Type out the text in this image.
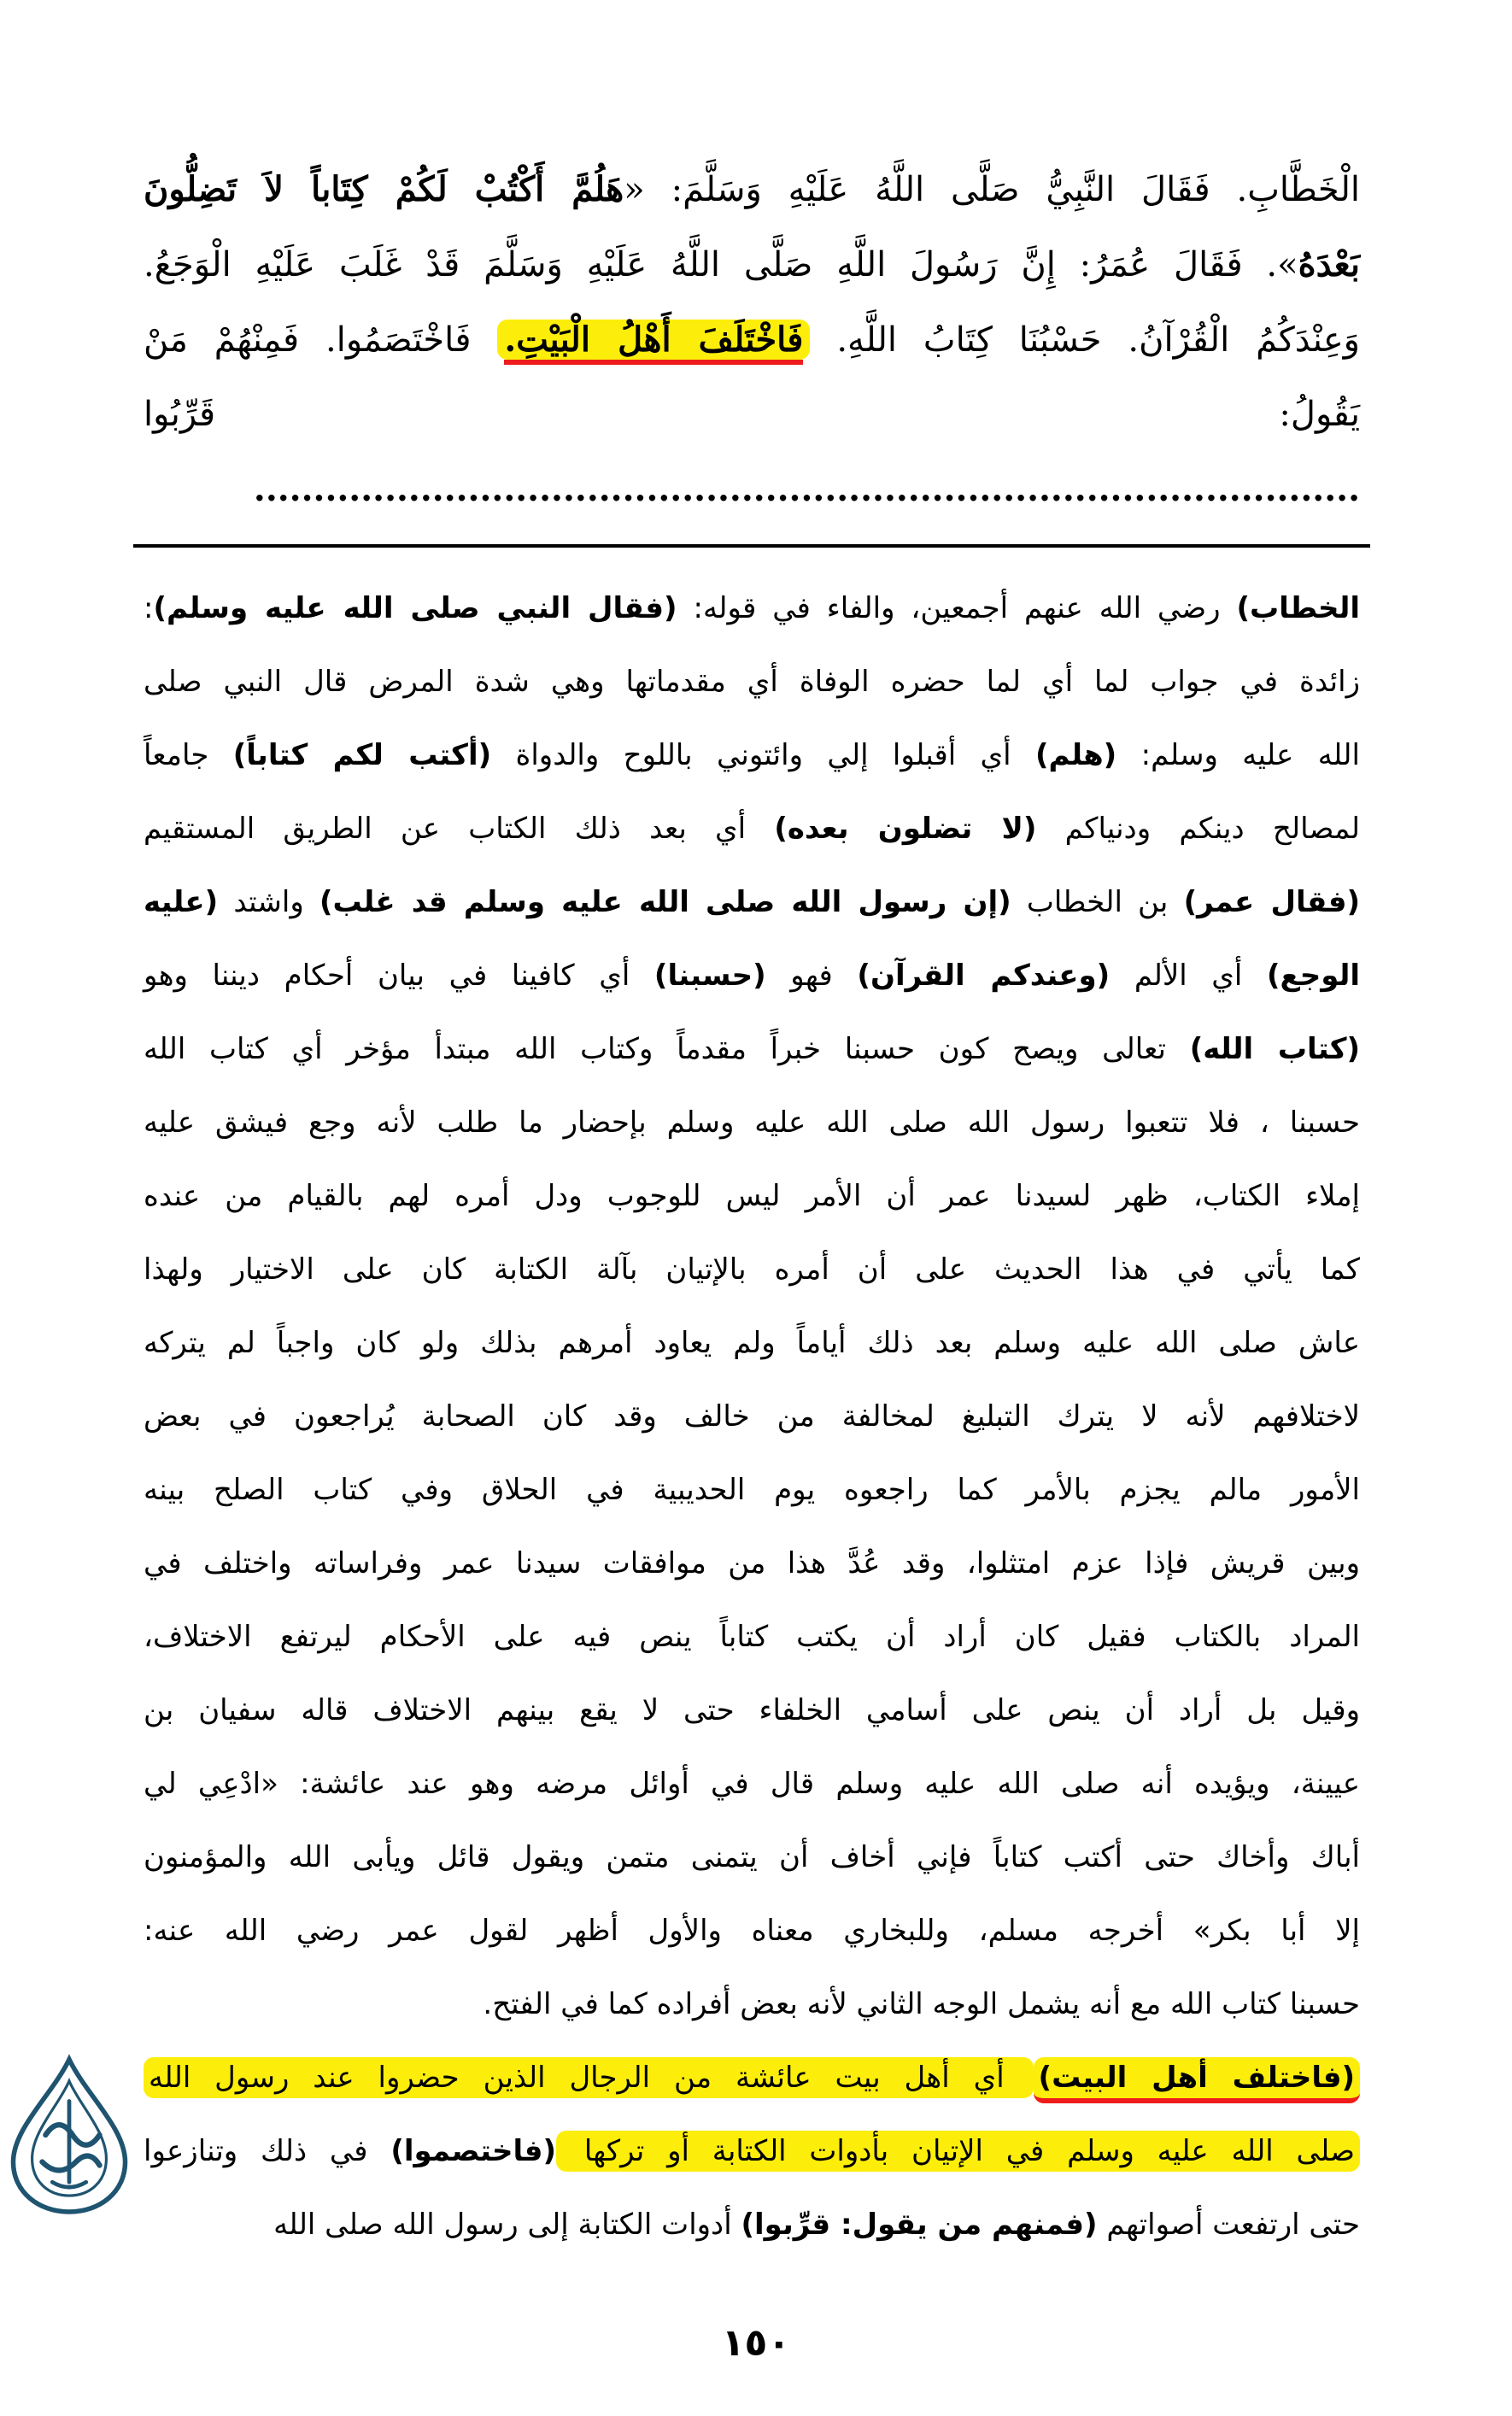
الْخَطَّابِ. فَقَالَ النَّبِيُّ صَلَّى اللَّهُ عَلَيْهِ وَسَلَّمَ: «هَلُمَّ أَكْتُبْ لَكُمْ كِتَاباً لاَ تَضِلُّونَ
بَعْدَهُ». فَقَالَ عُمَرُ: إِنَّ رَسُولَ اللَّهِ صَلَّى اللَّهُ عَلَيْهِ وَسَلَّمَ قَدْ غَلَبَ عَلَيْهِ الْوَجَعُ.
وَعِنْدَكُمُ الْقُرْآنُ. حَسْبُنَا كِتَابُ اللَّهِ. فَاخْتَلَفَ أَهْلُ الْبَيْتِ. فَاخْتَصَمُوا. فَمِنْهُمْ مَنْ
يَقُولُ: قَرِّبُوا .............................................................................................
الخطاب) رضي الله عنهم أجمعين، والفاء في قوله: (فقال النبي صلى الله عليه وسلم):
زائدة في جواب لما أي لما حضره الوفاة أي مقدماتها وهي شدة المرض قال النبي صلى
الله عليه وسلم: (هلم) أي أقبلوا إلي وائتوني باللوح والدواة (أكتب لكم كتاباً) جامعاً
لمصالح دينكم ودنياكم (لا تضلون بعده) أي بعد ذلك الكتاب عن الطريق المستقيم
(فقال عمر) بن الخطاب (إن رسول الله صلى الله عليه وسلم قد غلب) واشتد (عليه
الوجع) أي الألم (وعندكم القرآن) فهو (حسبنا) أي كافينا في بيان أحكام ديننا وهو
(كتاب الله) تعالى ويصح كون حسبنا خبراً مقدماً وكتاب الله مبتدأ مؤخر أي كتاب الله
حسبنا ، فلا تتعبوا رسول الله صلى الله عليه وسلم بإحضار ما طلب لأنه وجع فيشق عليه
إملاء الكتاب، ظهر لسيدنا عمر أن الأمر ليس للوجوب ودل أمره لهم بالقيام من عنده
كما يأتي في هذا الحديث على أن أمره بالإتيان بآلة الكتابة كان على الاختيار ولهذا
عاش صلى الله عليه وسلم بعد ذلك أياماً ولم يعاود أمرهم بذلك ولو كان واجباً لم يتركه
لاختلافهم لأنه لا يترك التبليغ لمخالفة من خالف وقد كان الصحابة يُراجعون في بعض
الأمور مالم يجزم بالأمر كما راجعوه يوم الحديبية في الحلاق وفي كتاب الصلح بينه
وبين قريش فإذا عزم امتثلوا، وقد عُدَّ هذا من موافقات سيدنا عمر وفراساته واختلف في
المراد بالكتاب فقيل كان أراد أن يكتب كتاباً ينص فيه على الأحكام ليرتفع الاختلاف،
وقيل بل أراد أن ينص على أسامي الخلفاء حتى لا يقع بينهم الاختلاف قاله سفيان بن
عيينة، ويؤيده أنه صلى الله عليه وسلم قال في أوائل مرضه وهو عند عائشة: «ادْعِي لي
أباك وأخاك حتى أكتب كتاباً فإني أخاف أن يتمنى متمن ويقول قائل ويأبى الله والمؤمنون
إلا أبا بكر» أخرجه مسلم، وللبخاري معناه والأول أظهر لقول عمر رضي الله عنه:
حسبنا كتاب الله مع أنه يشمل الوجه الثاني لأنه بعض أفراده كما في الفتح.
(فاختلف أهل البيت) أي أهل بيت عائشة من الرجال الذين حضروا عند رسول الله
صلى الله عليه وسلم في الإتيان بأدوات الكتابة أو تركها (فاختصموا) في ذلك وتنازعوا
حتى ارتفعت أصواتهم (فمنهم من يقول: قرِّبوا) أدوات الكتابة إلى رسول الله صلى الله
١٥٠
